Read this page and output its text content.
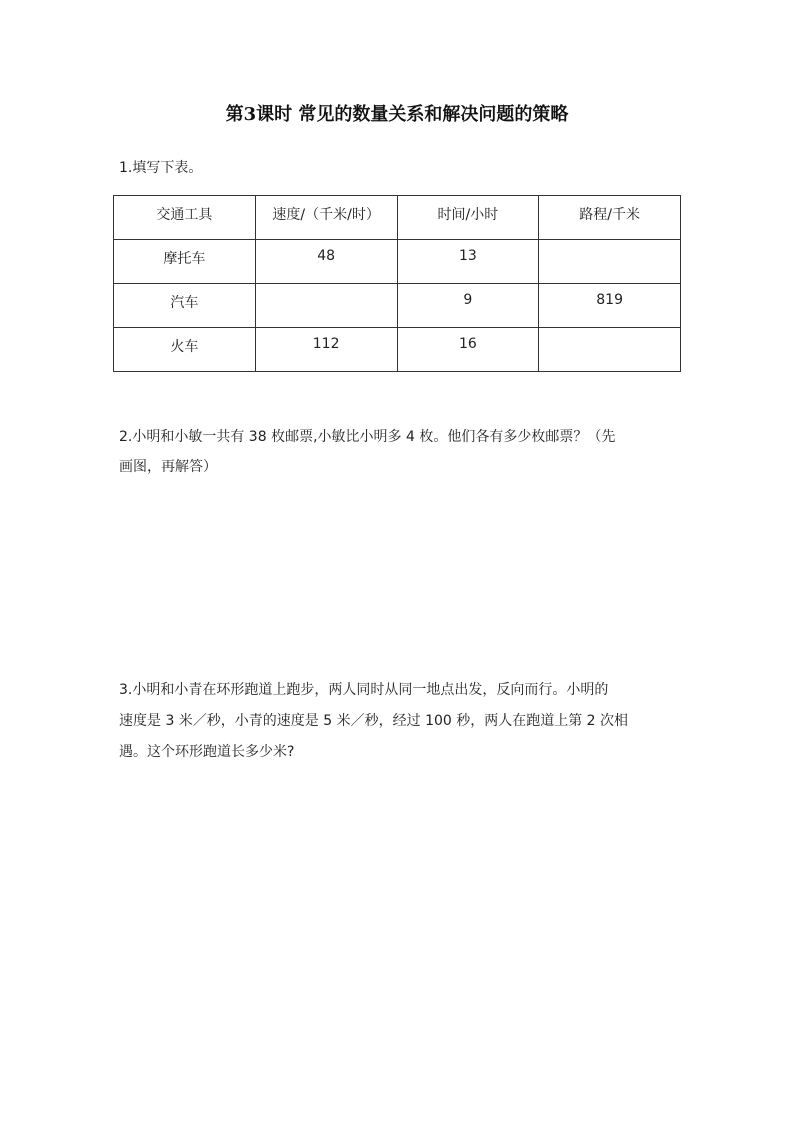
第3课时 常见的数量关系和解决问题的策略
1.填写下表。
交通工具	速度/（千米/时）	时间/小时	路程/千米
摩托车	48	13	
汽车		9	819
火车	112	16	
2.小明和小敏一共有 38 枚邮票,小敏比小明多 4 枚。他们各有多少枚邮票？（先
画图，再解答）
3.小明和小青在环形跑道上跑步，两人同时从同一地点出发，反向而行。小明的
速度是 3 米／秒，小青的速度是 5 米／秒，经过 100 秒，两人在跑道上第 2 次相
遇。这个环形跑道长多少米?
